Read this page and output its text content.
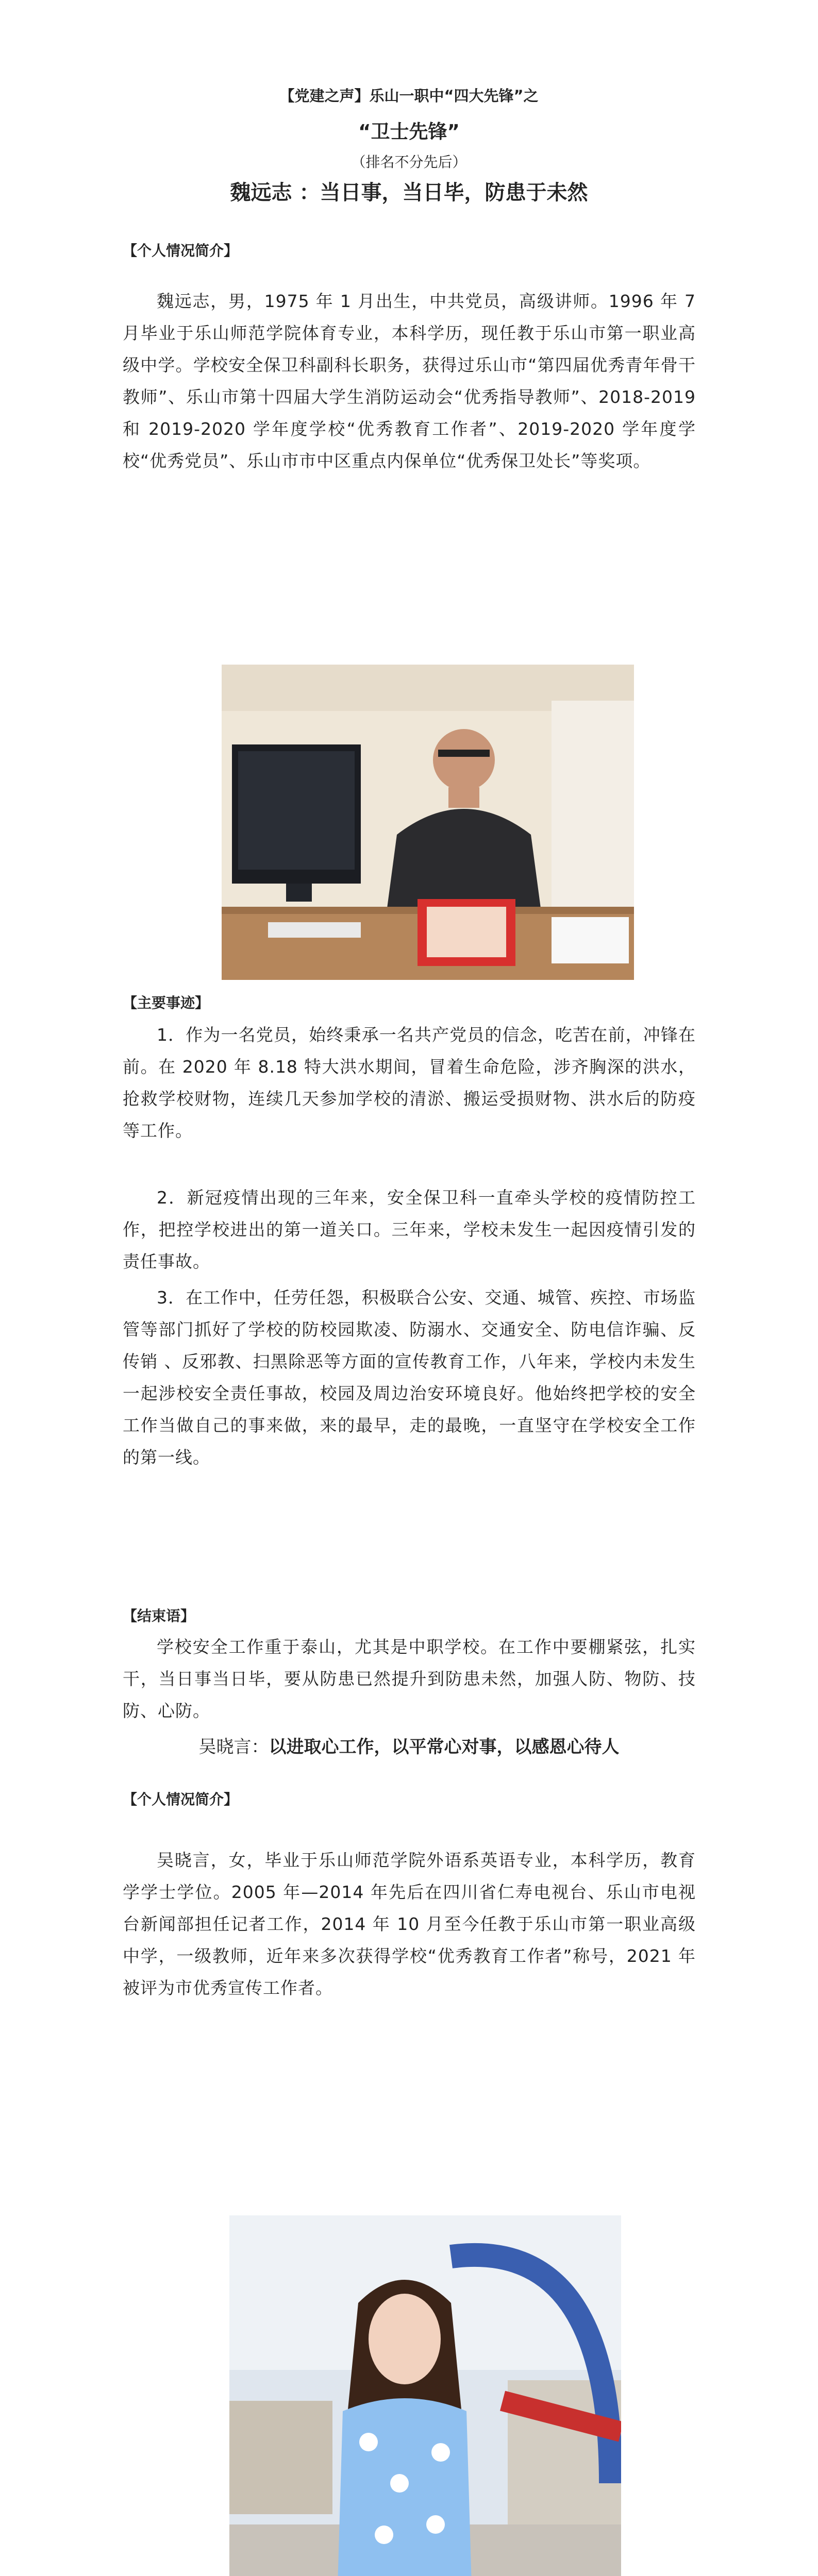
【党建之声】乐山一职中“四大先锋”之
“卫士先锋”
（排名不分先后）
魏远志 ：当日事，当日毕，防患于未然
【个人情况简介】
魏远志，男，1975 年 1 月出生，中共党员，高级讲师。1996 年 7 月毕业于乐山师范学院体育专业，本科学历，现任教于乐山市第一职业高级中学。学校安全保卫科副科长职务，获得过乐山市“第四届优秀青年骨干教师”、乐山市第十四届大学生消防运动会“优秀指导教师”、2018-2019 和 2019-2020 学年度学校“优秀教育工作者”、2019-2020 学年度学校“优秀党员”、乐山市市中区重点内保单位“优秀保卫处长”等奖项。
【主要事迹】
1．作为一名党员，始终秉承一名共产党员的信念，吃苦在前，冲锋在前。在 2020 年 8.18 特大洪水期间，冒着生命危险，涉齐胸深的洪水，抢救学校财物，连续几天参加学校的清淤、搬运受损财物、洪水后的防疫等工作。
2．新冠疫情出现的三年来，安全保卫科一直牵头学校的疫情防控工作，把控学校进出的第一道关口。三年来，学校未发生一起因疫情引发的责任事故。
3．在工作中，任劳任怨，积极联合公安、交通、城管、疾控、市场监管等部门抓好了学校的防校园欺凌、防溺水、交通安全、防电信诈骗、反传销 、反邪教、扫黑除恶等方面的宣传教育工作，八年来，学校内未发生一起涉校安全责任事故，校园及周边治安环境良好。他始终把学校的安全工作当做自己的事来做，来的最早，走的最晚，一直坚守在学校安全工作的第一线。
【结束语】
学校安全工作重于泰山，尤其是中职学校。在工作中要棚紧弦，扎实干，当日事当日毕，要从防患已然提升到防患未然，加强人防、物防、技防、心防。
吴晓言：以进取心工作，以平常心对事，以感恩心待人
【个人情况简介】
吴晓言，女，毕业于乐山师范学院外语系英语专业，本科学历，教育学学士学位。2005 年—2014 年先后在四川省仁寿电视台、乐山市电视台新闻部担任记者工作，2014 年 10 月至今任教于乐山市第一职业高级中学，一级教师，近年来多次获得学校“优秀教育工作者”称号，2021 年被评为市优秀宣传工作者。
